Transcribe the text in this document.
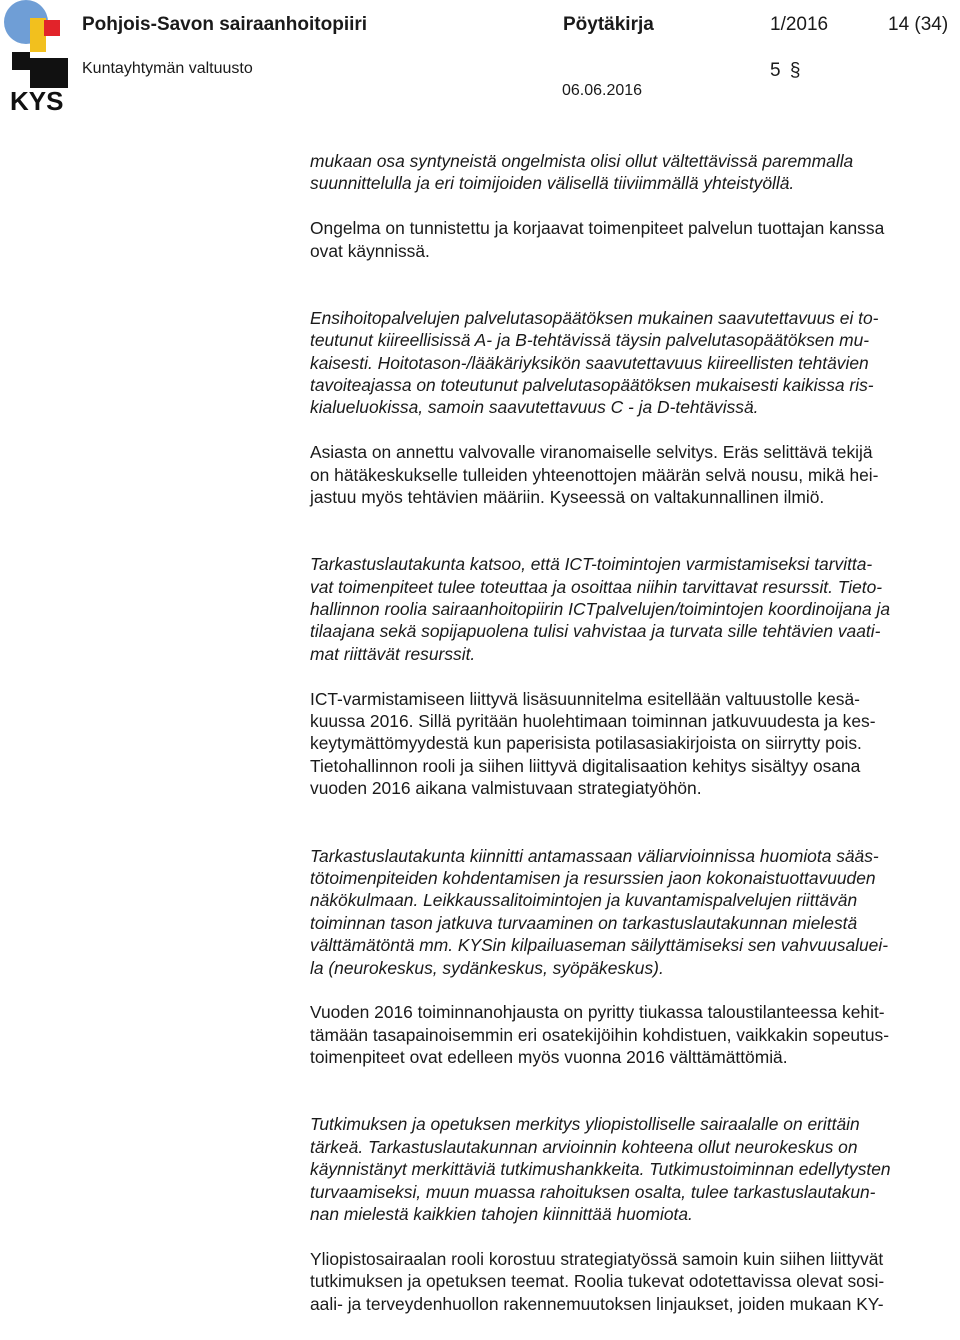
KYS
Pohjois-Savon sairaanhoitopiiri	Pöytäkirja	1/2016	14 (34)
Kuntayhtymän valtuusto	5 §
06.06.2016

mukaan osa syntyneistä ongelmista olisi ollut vältettävissä paremmalla

suunnittelulla ja eri toimijoiden välisellä tiiviimmällä yhteistyöllä.

Ongelma on tunnistettu ja korjaavat toimenpiteet palvelun tuottajan kanssa

ovat käynnissä.

Ensihoitopalvelujen palvelutasopäätöksen mukainen saavutettavuus ei to-

teutunut kiireellisissä A- ja B-tehtävissä täysin palvelutasopäätöksen mu-

kaisesti. Hoitotason-/lääkäriyksikön saavutettavuus kiireellisten tehtävien

tavoiteajassa on toteutunut palvelutasopäätöksen mukaisesti kaikissa ris-

kialueluokissa, samoin saavutettavuus C - ja D-tehtävissä.

Asiasta on annettu valvovalle viranomaiselle selvitys. Eräs selittävä tekijä

on hätäkeskukselle tulleiden yhteenottojen määrän selvä nousu, mikä hei-

jastuu myös tehtävien määriin. Kyseessä on valtakunnallinen ilmiö.

Tarkastuslautakunta katsoo, että ICT-toimintojen varmistamiseksi tarvitta-

vat toimenpiteet tulee toteuttaa ja osoittaa niihin tarvittavat resurssit. Tieto-

hallinnon roolia sairaanhoitopiirin ICTpalvelujen/toimintojen koordinoijana ja

tilaajana sekä sopijapuolena tulisi vahvistaa ja turvata sille tehtävien vaati-

mat riittävät resurssit.

ICT-varmistamiseen liittyvä lisäsuunnitelma esitellään valtuustolle kesä-

kuussa 2016. Sillä pyritään huolehtimaan toiminnan jatkuvuudesta ja kes-

keytymättömyydestä kun paperisista potilasasiakirjoista on siirrytty pois.

Tietohallinnon rooli ja siihen liittyvä digitalisaation kehitys sisältyy osana

vuoden 2016 aikana valmistuvaan strategiatyöhön.

Tarkastuslautakunta kiinnitti antamassaan väliarvioinnissa huomiota sääs-

tötoimenpiteiden kohdentamisen ja resurssien jaon kokonaistuottavuuden

näkökulmaan. Leikkaussalitoimintojen ja kuvantamispalvelujen riittävän

toiminnan tason jatkuva turvaaminen on tarkastuslautakunnan mielestä

välttämätöntä mm. KYSin kilpailuaseman säilyttämiseksi sen vahvuusaluei-

la (neurokeskus, sydänkeskus, syöpäkeskus).

Vuoden 2016 toiminnanohjausta on pyritty tiukassa taloustilanteessa kehit-

tämään tasapainoisemmin eri osatekijöihin kohdistuen, vaikkakin sopeutus-

toimenpiteet ovat edelleen myös vuonna 2016 välttämättömiä.

Tutkimuksen ja opetuksen merkitys yliopistolliselle sairaalalle on erittäin

tärkeä. Tarkastuslautakunnan arvioinnin kohteena ollut neurokeskus on

käynnistänyt merkittäviä tutkimushankkeita. Tutkimustoiminnan edellytysten

turvaamiseksi, muun muassa rahoituksen osalta, tulee tarkastuslautakun-

nan mielestä kaikkien tahojen kiinnittää huomiota.

Yliopistosairaalan rooli korostuu strategiatyössä samoin kuin siihen liittyvät

tutkimuksen ja opetuksen teemat. Roolia tukevat odotettavissa olevat sosi-

aali- ja terveydenhuollon rakennemuutoksen linjaukset, joiden mukaan KY-
